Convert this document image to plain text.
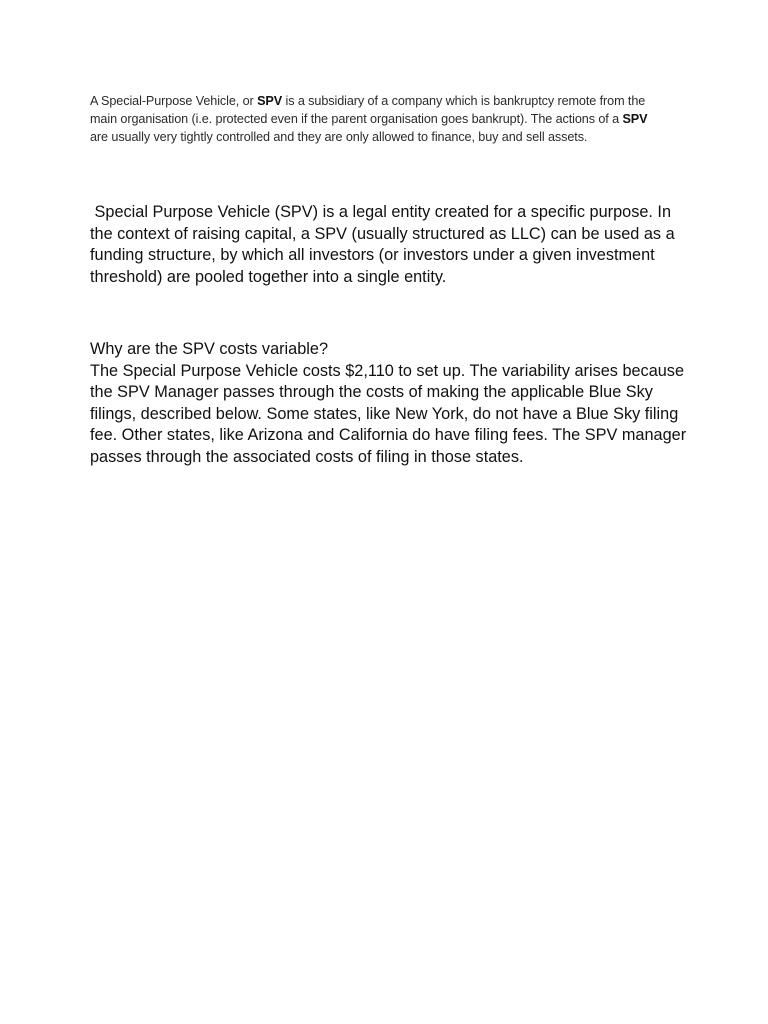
A Special-Purpose Vehicle, or SPV is a subsidiary of a company which is bankruptcy remote from the main organisation (i.e. protected even if the parent organisation goes bankrupt). The actions of a SPV are usually very tightly controlled and they are only allowed to finance, buy and sell assets.

Special Purpose Vehicle (SPV) is a legal entity created for a specific purpose. In the context of raising capital, a SPV (usually structured as LLC) can be used as a funding structure, by which all investors (or investors under a given investment threshold) are pooled together into a single entity.

Why are the SPV costs variable?
The Special Purpose Vehicle costs $2,110 to set up. The variability arises because the SPV Manager passes through the costs of making the applicable Blue Sky filings, described below. Some states, like New York, do not have a Blue Sky filing fee. Other states, like Arizona and California do have filing fees. The SPV manager passes through the associated costs of filing in those states.
